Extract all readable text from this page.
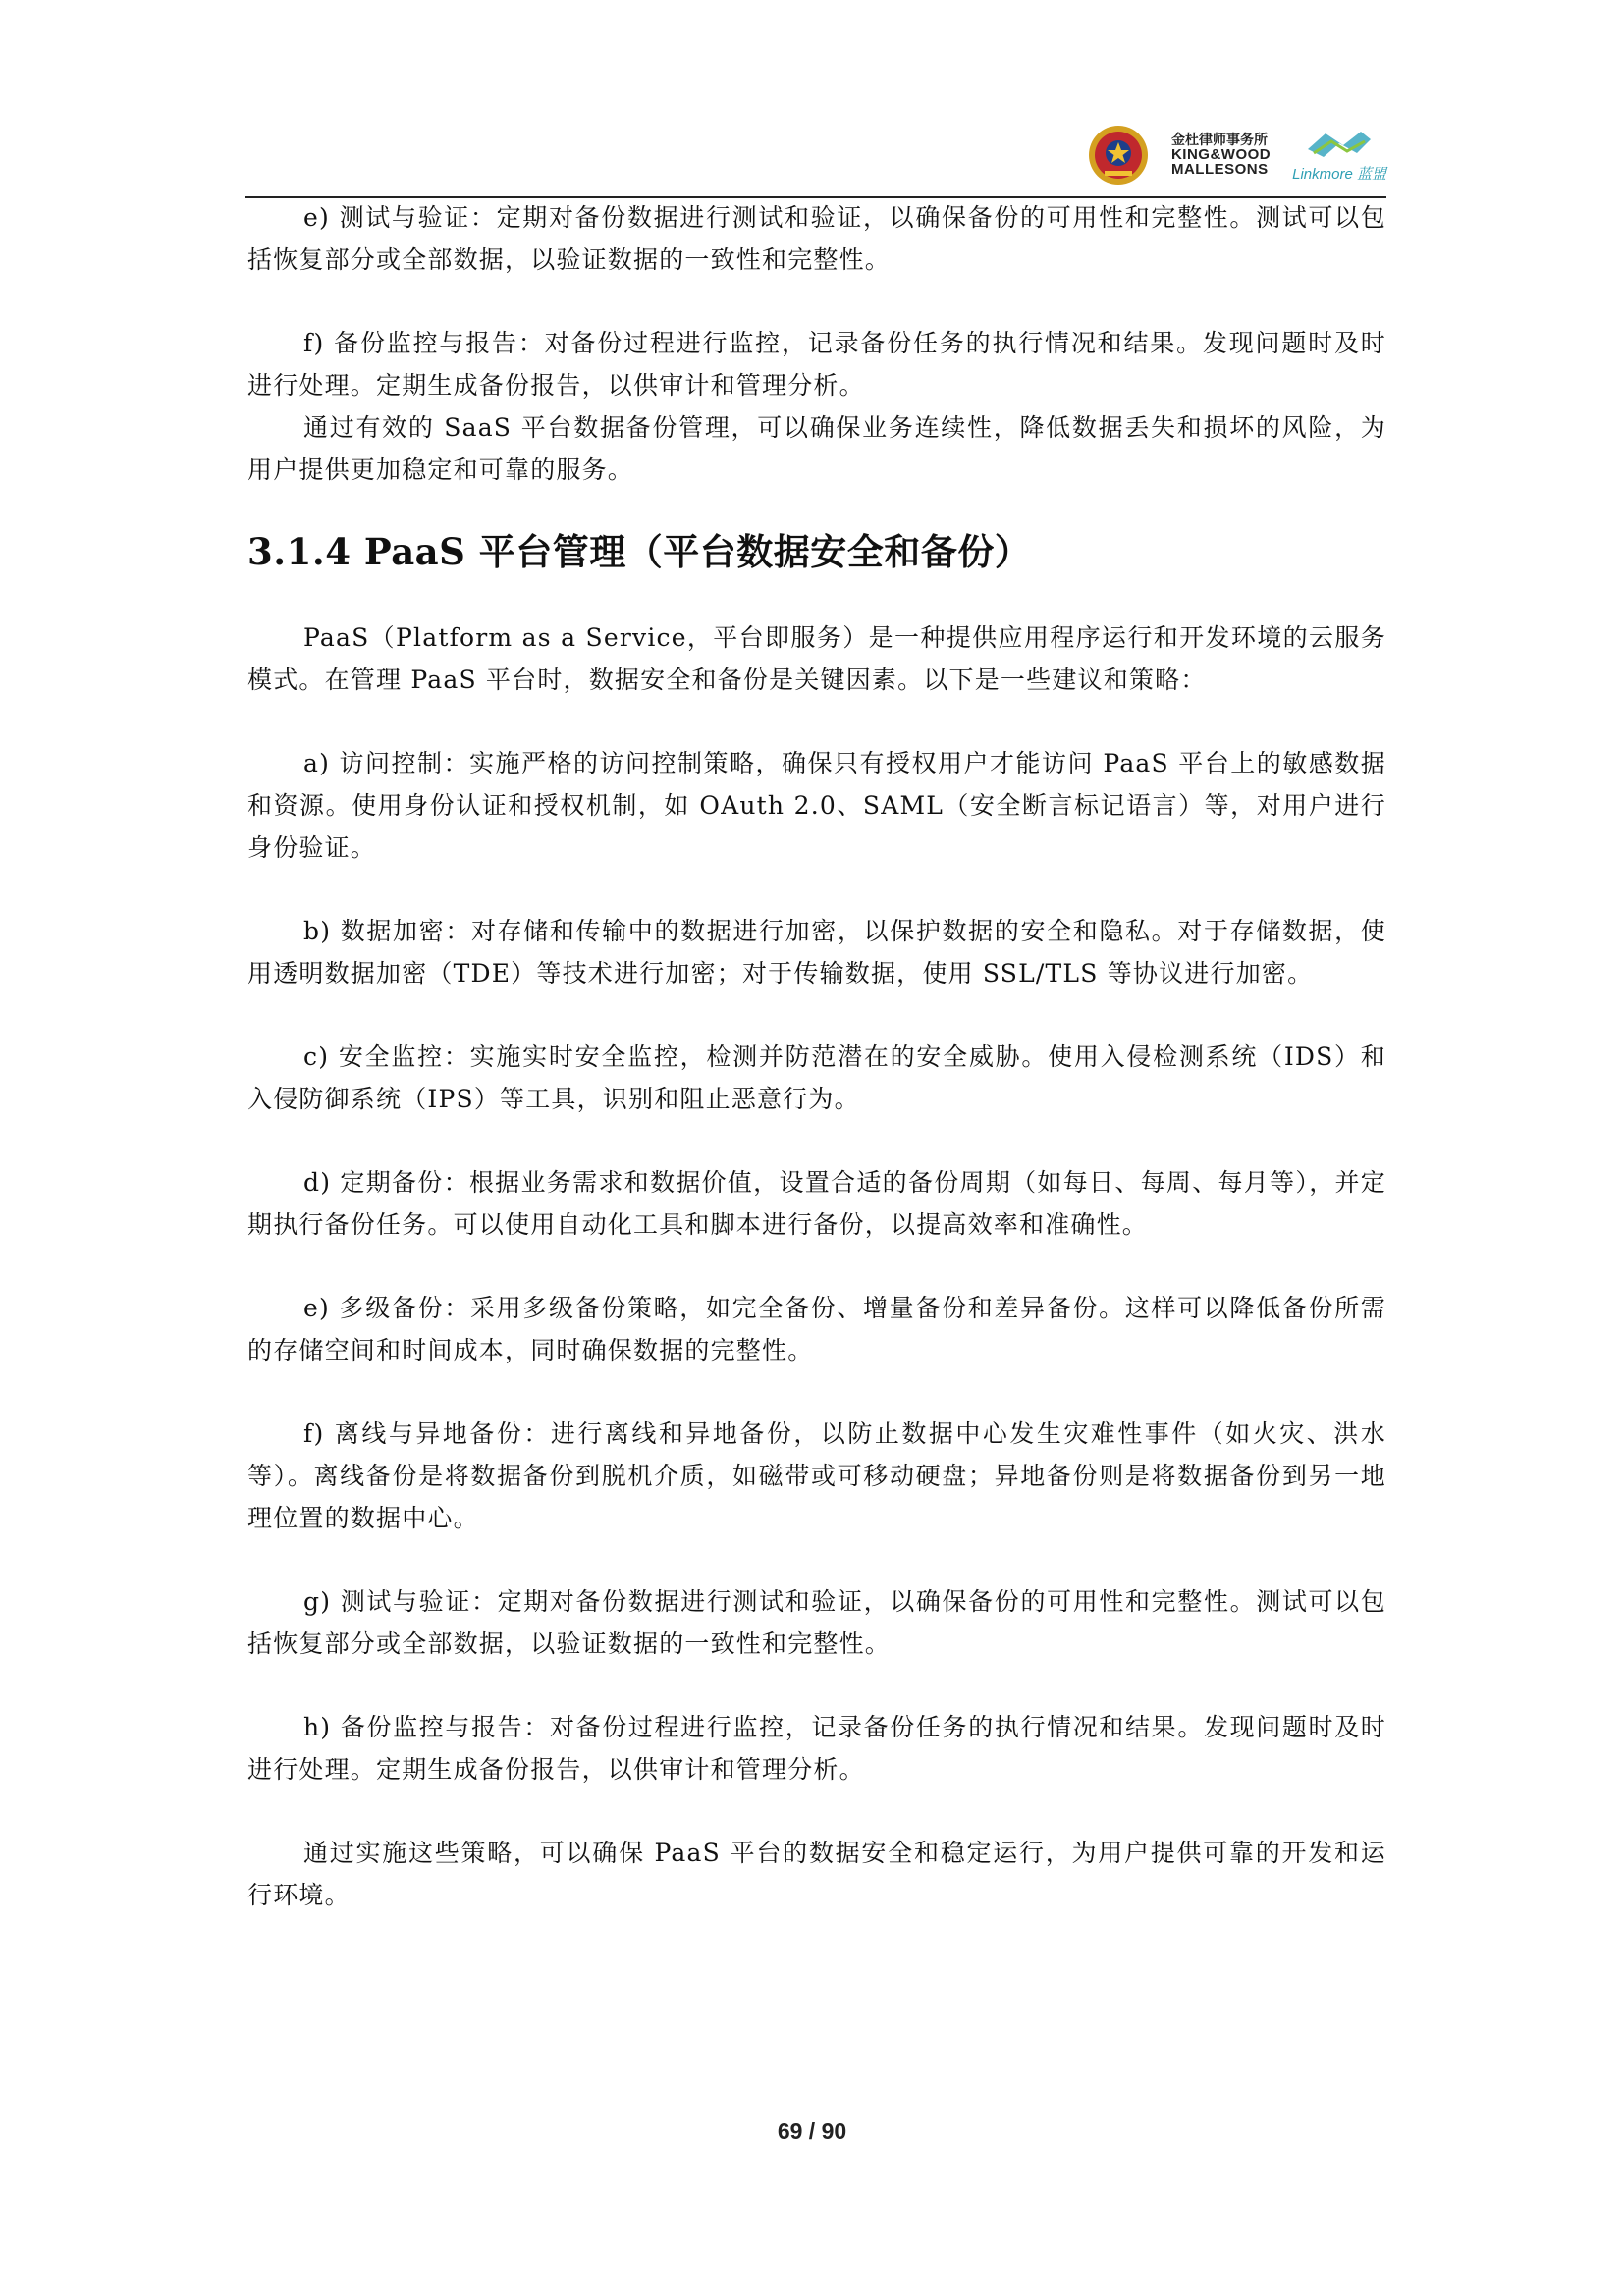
金杜律师事务所
KING&WOOD
MALLESONS Linkmore 蓝盟

e) 测试与验证：定期对备份数据进行测试和验证，以确保备份的可用性和完整性。测试可以包括恢复部分或全部数据，以验证数据的一致性和完整性。

f) 备份监控与报告：对备份过程进行监控，记录备份任务的执行情况和结果。发现问题时及时进行处理。定期生成备份报告，以供审计和管理分析。

通过有效的 SaaS 平台数据备份管理，可以确保业务连续性，降低数据丢失和损坏的风险，为用户提供更加稳定和可靠的服务。

3.1.4 PaaS 平台管理（平台数据安全和备份）

PaaS（Platform as a Service，平台即服务）是一种提供应用程序运行和开发环境的云服务模式。在管理 PaaS 平台时，数据安全和备份是关键因素。以下是一些建议和策略：

a) 访问控制：实施严格的访问控制策略，确保只有授权用户才能访问 PaaS 平台上的敏感数据和资源。使用身份认证和授权机制，如 OAuth 2.0、SAML（安全断言标记语言）等，对用户进行身份验证。

b) 数据加密：对存储和传输中的数据进行加密，以保护数据的安全和隐私。对于存储数据，使用透明数据加密（TDE）等技术进行加密；对于传输数据，使用 SSL/TLS 等协议进行加密。

c) 安全监控：实施实时安全监控，检测并防范潜在的安全威胁。使用入侵检测系统（IDS）和入侵防御系统（IPS）等工具，识别和阻止恶意行为。

d) 定期备份：根据业务需求和数据价值，设置合适的备份周期（如每日、每周、每月等），并定期执行备份任务。可以使用自动化工具和脚本进行备份，以提高效率和准确性。

e) 多级备份：采用多级备份策略，如完全备份、增量备份和差异备份。这样可以降低备份所需的存储空间和时间成本，同时确保数据的完整性。

f) 离线与异地备份：进行离线和异地备份，以防止数据中心发生灾难性事件（如火灾、洪水等）。离线备份是将数据备份到脱机介质，如磁带或可移动硬盘；异地备份则是将数据备份到另一地理位置的数据中心。

g) 测试与验证：定期对备份数据进行测试和验证，以确保备份的可用性和完整性。测试可以包括恢复部分或全部数据，以验证数据的一致性和完整性。

h) 备份监控与报告：对备份过程进行监控，记录备份任务的执行情况和结果。发现问题时及时进行处理。定期生成备份报告，以供审计和管理分析。

通过实施这些策略，可以确保 PaaS 平台的数据安全和稳定运行，为用户提供可靠的开发和运行环境。

69 / 90
